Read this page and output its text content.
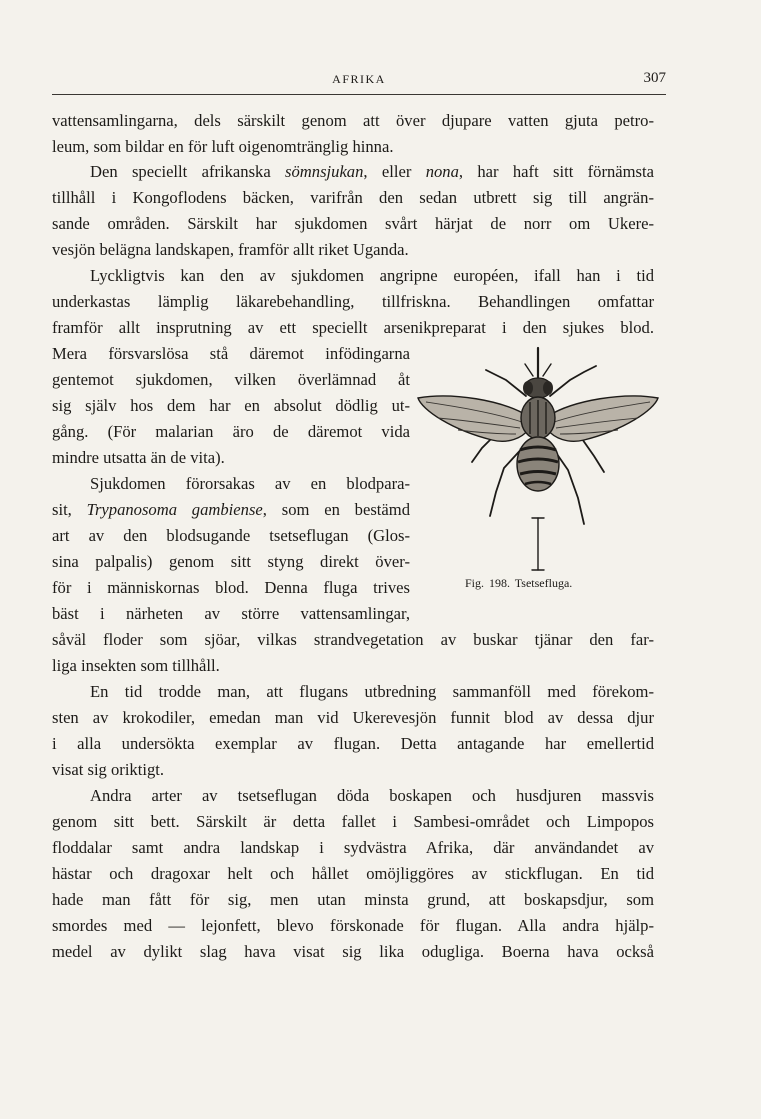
AFRIKA	307
vattensamlingarna, dels särskilt genom att över djupare vatten gjuta petro-
leum, som bildar en för luft oigenomtränglig hinna.
Den speciellt afrikanska sömnsjukan, eller nona, har haft sitt förnämsta
tillhåll i Kongoflodens bäcken, varifrån den sedan utbrett sig till angrän-
sande områden. Särskilt har sjukdomen svårt härjat de norr om Ukere-
vesjön belägna landskapen, framför allt riket Uganda.
Lyckligtvis kan den av sjukdomen angripne européen, ifall han i tid
underkastas lämplig läkarebehandling, tillfriskna. Behandlingen omfattar
framför allt insprutning av ett speciellt arsenikpreparat i den sjukes blod.
Mera försvarslösa stå däremot infödingarna
gentemot sjukdomen, vilken överlämnad åt
sig själv hos dem har en absolut dödlig ut-
gång. (För malarian äro de däremot vida
mindre utsatta än de vita).
Sjukdomen förorsakas av en blodpara-
sit, Trypanosoma gambiense, som en bestämd
art av den blodsugande tsetseflugan (Glos-
sina palpalis) genom sitt styng direkt över-
för i människornas blod. Denna fluga trives
bäst i närheten av större vattensamlingar,
såväl floder som sjöar, vilkas strandvegetation av buskar tjänar den far-
liga insekten som tillhåll.
En tid trodde man, att flugans utbredning sammanföll med förekom-
sten av krokodiler, emedan man vid Ukerevesjön funnit blod av dessa djur
i alla undersökta exemplar av flugan. Detta antagande har emellertid
visat sig oriktigt.
Andra arter av tsetseflugan döda boskapen och husdjuren massvis
genom sitt bett. Särskilt är detta fallet i Sambesi-området och Limpopos
floddalar samt andra landskap i sydvästra Afrika, där användandet av
hästar och dragoxar helt och hållet omöjliggöres av stickflugan. En tid
hade man fått för sig, men utan minsta grund, att boskapsdjur, som
smordes med — lejonfett, blevo förskonade för flugan. Alla andra hjälp-
medel av dylikt slag hava visat sig lika odugliga. Boerna hava också
Fig. 198. Tsetsefluga.
